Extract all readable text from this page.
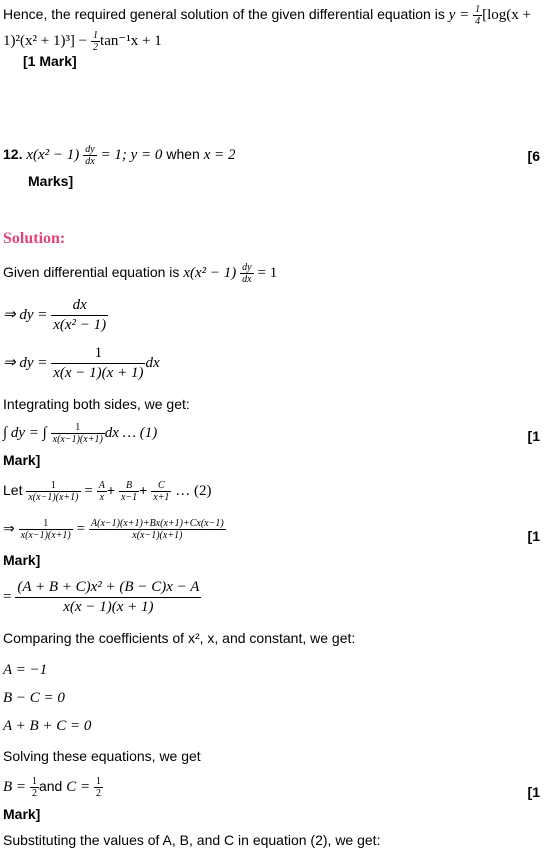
Hence, the required general solution of the given differential equation is $y = \frac{1}{4} [\log(x$ +
$1)^2(x^2 + 1)^3] - \frac{1}{2} \tan^{-1}x + 1$
[1 Mark]
12. $x(x^2 - 1) \frac{dy}{dx} = 1$; y = 0 when x = 2	[6
Marks]
Solution:
Given differential equation is $x(x^2 - 1) \frac{dy}{dx} = 1$
⇒ dy = $\frac{dx}{\text{x(x² − 1)}}$
⇒ dy = $\frac{1}{x(x - 1)(x + 1)}$ dx
Integrating both sides, we get:
∫ dy = ∫ $\frac{1}{x(x-1)(x+1)}$ dx … (1)	[1
Mark]
Let $\frac{1}{x(x-1)(x+1)} = \frac{A}{x} + \frac{B}{x-1} + \frac{C}{x+1}$ … (2)
⇒ $\frac{1}{x(x-1)(x+1)} = \frac{A(x-1)(x+1)+Bx(x+1)+Cx(x-1)}{x(x-1)(x+1)}$	[1
Mark]
= $\frac{\text{(A + B + C)x² + (B − C)x − A}}{x(x - 1)(x + 1)}$
Comparing the coefficients of x², x, and constant, we get:
A = −1
B − C = 0
A + B + C = 0
Solving these equations, we get
$B = \frac{1}{2}$ and $C = \frac{1}{2}$	[1
Mark]
Substituting the values of A, B, and C in equation (2), we get:
